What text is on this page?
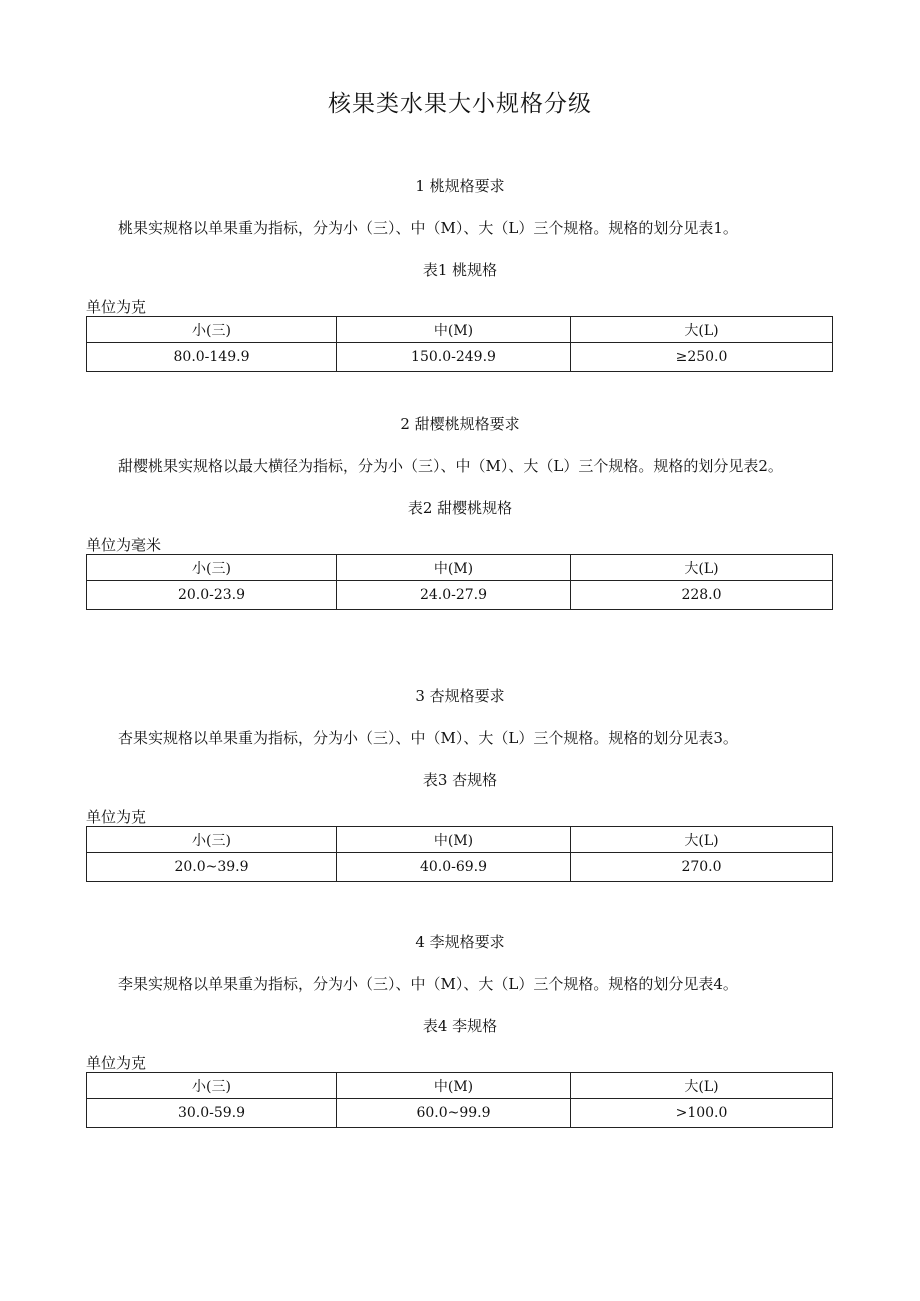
核果类水果大小规格分级
1 桃规格要求
桃果实规格以单果重为指标，分为小（三）、中（M）、大（L）三个规格。规格的划分见表1。
表1 桃规格
单位为克
小(三)	中(M)	大(L)
80.0-149.9	150.0-249.9	≥250.0
2 甜樱桃规格要求
甜樱桃果实规格以最大横径为指标，分为小（三）、中（M）、大（L）三个规格。规格的划分见表2。
表2 甜樱桃规格
单位为毫米
小(三)	中(M)	大(L)
20.0-23.9	24.0-27.9	228.0
3 杏规格要求
杏果实规格以单果重为指标，分为小（三）、中（M）、大（L）三个规格。规格的划分见表3。
表3 杏规格
单位为克
小(三)	中(M)	大(L)
20.0~39.9	40.0-69.9	270.0
4 李规格要求
李果实规格以单果重为指标，分为小（三）、中（M）、大（L）三个规格。规格的划分见表4。
表4 李规格
单位为克
小(三)	中(M)	大(L)
30.0-59.9	60.0~99.9	>100.0
